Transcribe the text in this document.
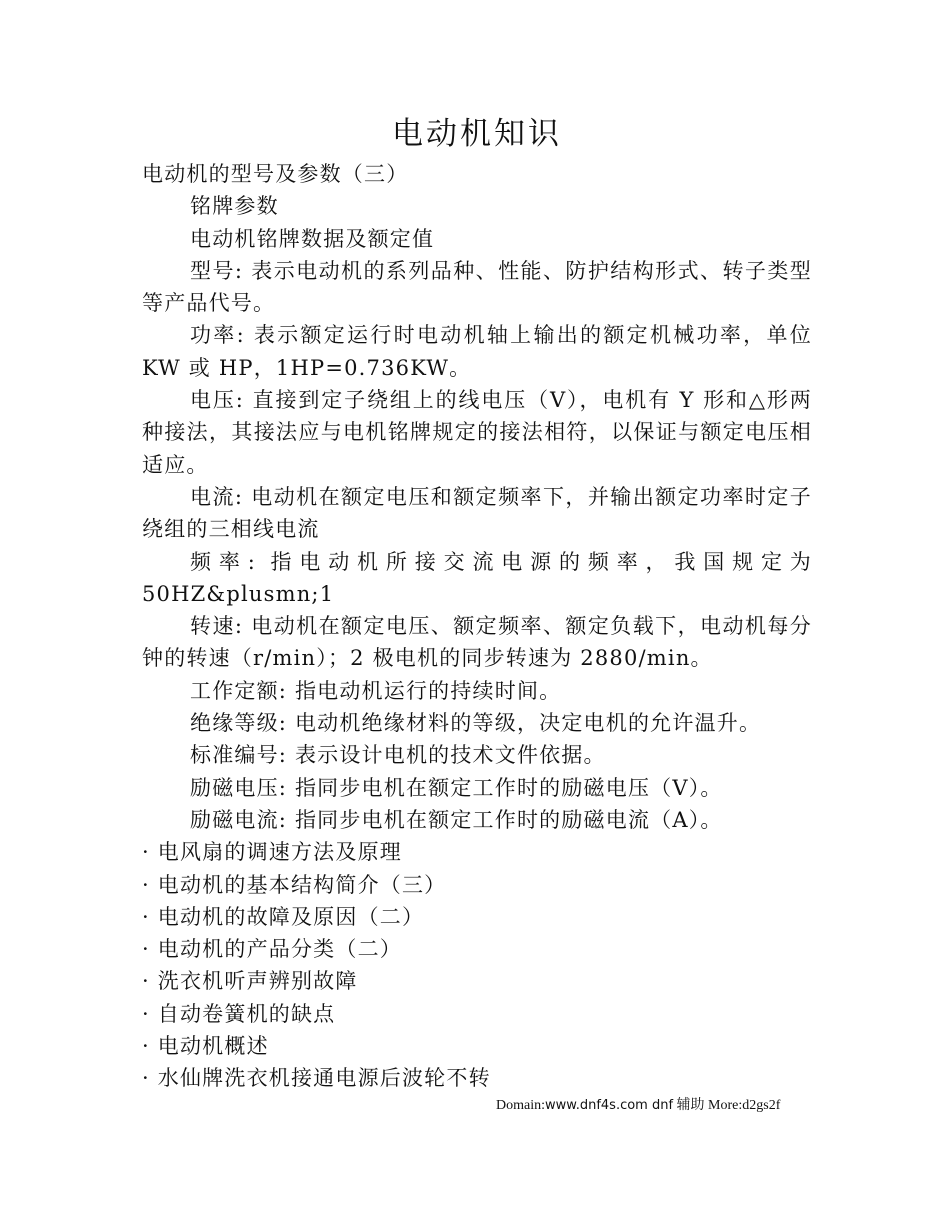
电动机知识

电动机的型号及参数（三）

铭牌参数

电动机铭牌数据及额定值

型号: 表示电动机的系列品种、性能、防护结构形式、转子类型等产品代号。

功率: 表示额定运行时电动机轴上输出的额定机械功率，单位 KW 或 HP，1HP=0.736KW。

电压: 直接到定子绕组上的线电压（V），电机有 Y 形和△形两种接法，其接法应与电机铭牌规定的接法相符，以保证与额定电压相适应。

电流: 电动机在额定电压和额定频率下，并输出额定功率时定子绕组的三相线电流

频率: 指电动机所接交流电源的频率，我国规定为 50HZ&plusmn;1

转速: 电动机在额定电压、额定频率、额定负载下，电动机每分钟的转速（r/min）；2 极电机的同步转速为 2880/min。

工作定额: 指电动机运行的持续时间。

绝缘等级: 电动机绝缘材料的等级，决定电机的允许温升。

标准编号: 表示设计电机的技术文件依据。

励磁电压: 指同步电机在额定工作时的励磁电压（V）。

励磁电流: 指同步电机在额定工作时的励磁电流（A）。

· 电风扇的调速方法及原理
· 电动机的基本结构简介（三）
· 电动机的故障及原因（二）
· 电动机的产品分类（二）
· 洗衣机听声辨别故障
· 自动卷簧机的缺点
· 电动机概述
· 水仙牌洗衣机接通电源后波轮不转
Domain:www.dnf4s.com dnf 辅助 More:d2gs2f
